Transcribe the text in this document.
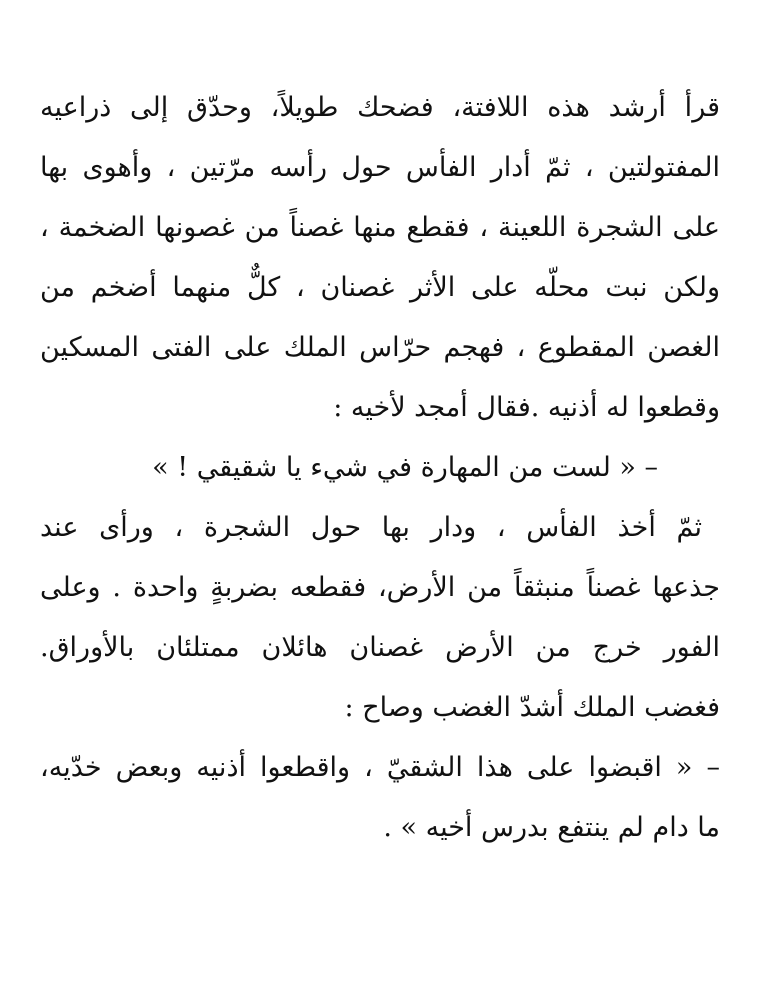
قرأ أرشد هذه اللافتة، فضحك طويلاً، وحدّق إلى ذراعيه
المفتولتين ، ثمّ أدار الفأس حول رأسه مرّتين ، وأهوى بها
على الشجرة اللعينة ، فقطع منها غصناً من غصونها الضخمة ،
ولكن نبت محلّه على الأثر غصنان ، كلٌّ منهما أضخم من
الغصن المقطوع ، فهجم حرّاس الملك على الفتى المسكين
وقطعوا له أذنيه .فقال أمجد لأخيه :
– « لست من المهارة في شيء يا شقيقي ! »
ثمّ أخذ الفأس ، ودار بها حول الشجرة ، ورأى عند
جذعها غصناً منبثقاً من الأرض، فقطعه بضربةٍ واحدة . وعلى
الفور خرج من الأرض غصنان هائلان ممتلئان بالأوراق.
فغضب الملك أشدّ الغضب وصاح :
– « اقبضوا على هذا الشقيّ ، واقطعوا أذنيه وبعض خدّيه،
ما دام لم ينتفع بدرس أخيه » .
